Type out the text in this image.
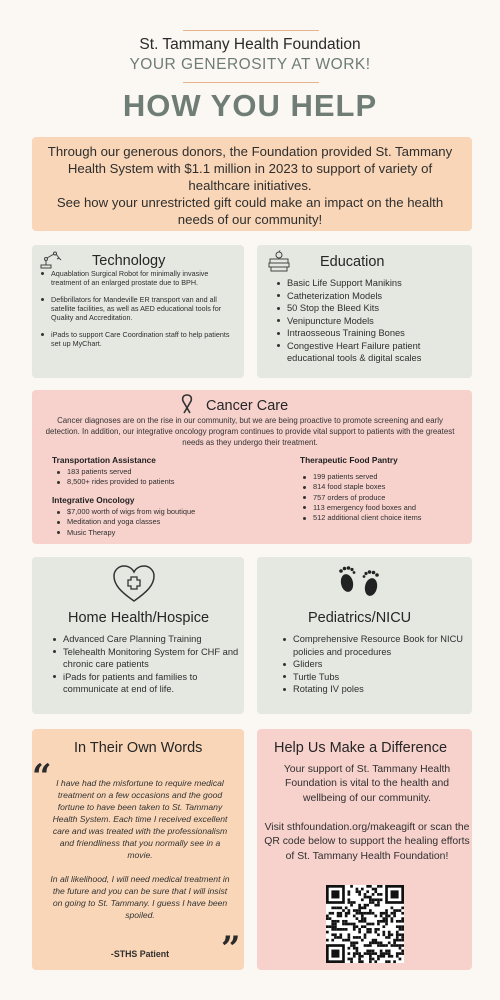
St. Tammany Health Foundation
YOUR GENEROSITY AT WORK!
HOW YOU HELP
Through our generous donors, the Foundation provided St. Tammany Health System with $1.1 million in 2023 to support of variety of healthcare initiatives.
See how your unrestricted gift could make an impact on the health needs of our community!
Technology
Aquablation Surgical Robot for minimally invasive treatment of an enlarged prostate due to BPH.
Defibrillators for Mandeville ER transport van and all satellite facilities, as well as AED educational tools for Quality and Accreditation.
iPads to support Care Coordination staff to help patients set up MyChart.
Education
Basic Life Support Manikins
Catheterization Models
50 Stop the Bleed Kits
Venipuncture Models
Intraosseous Training Bones
Congestive Heart Failure patient educational tools & digital scales
Cancer Care
Cancer diagnoses are on the rise in our community, but we are being proactive to promote screening and early detection. In addition, our integrative oncology program continues to provide vital support to patients with the greatest needs as they undergo their treatment.
Transportation Assistance
183 patients served
8,500+ rides provided to patients
Integrative Oncology
$7,000 worth of wigs from wig boutique
Meditation and yoga classes
Music Therapy
Therapeutic Food Pantry
199 patients served
814 food staple boxes
757 orders of produce
113 emergency food boxes and
512 additional client choice items
Home Health/Hospice
Advanced Care Planning Training
Telehealth Monitoring System for CHF and chronic care patients
iPads for patients and families to communicate at end of life.
Pediatrics/NICU
Comprehensive Resource Book for NICU policies and procedures
Gliders
Turtle Tubs
Rotating IV poles
In Their Own Words
“ I have had the misfortune to require medical treatment on a few occasions and the good fortune to have been taken to St. Tammany Health System. Each time I received excellent care and was treated with the professionalism and friendliness that you normally see in a movie.

In all likelihood, I will need medical treatment in the future and you can be sure that I will insist on going to St. Tammany. I guess I have been spoiled.
”
-STHS Patient
Help Us Make a Difference
Your support of St. Tammany Health Foundation is vital to the health and wellbeing of our community.
Visit sthfoundation.org/makeagift or scan the QR code below to support the healing efforts of St. Tammany Health Foundation!
